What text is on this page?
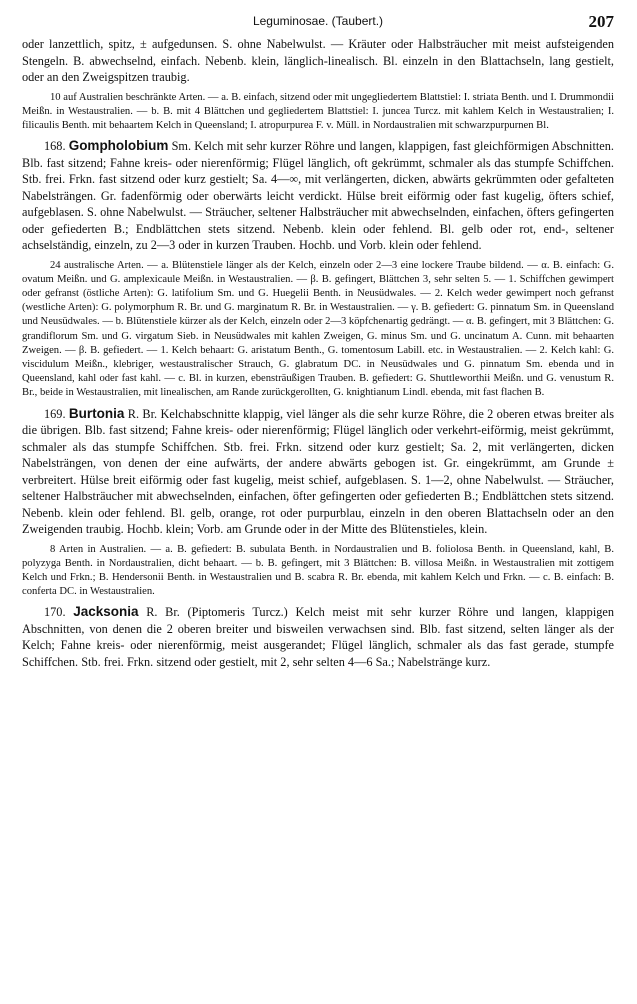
Leguminosae. (Taubert.)	207

oder lanzettlich, spitz, ± aufgedunsen. S. ohne Nabelwulst. — Kräuter oder Halbsträucher mit meist aufsteigenden Stengeln. B. abwechselnd, einfach. Nebenb. klein, länglich-linealisch. Bl. einzeln in den Blattachseln, lang gestielt, oder an den Zweigspitzen traubig.

10 auf Australien beschränkte Arten. — a. B. einfach, sitzend oder mit ungegliedertem Blattstiel: I. striata Benth. und I. Drummondii Meißn. in Westaustralien. — b. B. mit 4 Blättchen und gegliedertem Blattstiel: I. juncea Turcz. mit kahlem Kelch in Westaustralien; I. filicaulis Benth. mit behaartem Kelch in Queensland; I. atropurpurea F. v. Müll. in Nordaustralien mit schwarzpurpurnen Bl.

168. Gompholobium Sm. Kelch mit sehr kurzer Röhre und langen, klappigen, fast gleichförmigen Abschnitten. Blb. fast sitzend; Fahne kreis- oder nierenförmig; Flügel länglich, oft gekrümmt, schmaler als das stumpfe Schiffchen. Stb. frei. Frkn. fast sitzend oder kurz gestielt; Sa. 4—∞, mit verlängerten, dicken, abwärts gekrümmten oder gefalteten Nabelsträngen. Gr. fadenförmig oder oberwärts leicht verdickt. Hülse breit eiförmig oder fast kugelig, öfters schief, aufgeblasen. S. ohne Nabelwulst. — Sträucher, seltener Halbsträucher mit abwechselnden, einfachen, öfters gefingerten oder gefiederten B.; Endblättchen stets sitzend. Nebenb. klein oder fehlend. Bl. gelb oder rot, end-, seltener achselständig, einzeln, zu 2—3 oder in kurzen Trauben. Hochb. und Vorb. klein oder fehlend.

24 australische Arten. — a. Blütenstiele länger als der Kelch, einzeln oder 2—3 eine lockere Traube bildend. — α. B. einfach: G. ovatum Meißn. und G. amplexicaule Meißn. in Westaustralien. — β. B. gefingert, Blättchen 3, sehr selten 5. — 1. Schiffchen gewimpert oder gefranst (östliche Arten): G. latifolium Sm. und G. Huegelii Benth. in Neusüdwales. — 2. Kelch weder gewimpert noch gefranst (westliche Arten): G. polymorphum R. Br. und G. marginatum R. Br. in Westaustralien. — γ. B. gefiedert: G. pinnatum Sm. in Queensland und Neusüdwales. — b. Blütenstiele kürzer als der Kelch, einzeln oder 2—3 köpfchenartig gedrängt. — α. B. gefingert, mit 3 Blättchen: G. grandiflorum Sm. und G. virgatum Sieb. in Neusüdwales mit kahlen Zweigen, G. minus Sm. und G. uncinatum A. Cunn. mit behaarten Zweigen. — β. B. gefiedert. — 1. Kelch behaart: G. aristatum Benth., G. tomentosum Labill. etc. in Westaustralien. — 2. Kelch kahl: G. viscidulum Meißn., klebriger, westaustralischer Strauch, G. glabratum DC. in Neusüdwales und G. pinnatum Sm. ebenda und in Queensland, kahl oder fast kahl. — c. Bl. in kurzen, ebensträußigen Trauben. B. gefiedert: G. Shuttleworthii Meißn. und G. venustum R. Br., beide in Westaustralien, mit linealischen, am Rande zurückgerollten, G. knightianum Lindl. ebenda, mit fast flachen B.

169. Burtonia R. Br. Kelchabschnitte klappig, viel länger als die sehr kurze Röhre, die 2 oberen etwas breiter als die übrigen. Blb. fast sitzend; Fahne kreis- oder nierenförmig; Flügel länglich oder verkehrt-eiförmig, meist gekrümmt, schmaler als das stumpfe Schiffchen. Stb. frei. Frkn. sitzend oder kurz gestielt; Sa. 2, mit verlängerten, dicken Nabelsträngen, von denen der eine aufwärts, der andere abwärts gebogen ist. Gr. eingekrümmt, am Grunde ± verbreitert. Hülse breit eiförmig oder fast kugelig, meist schief, aufgeblasen. S. 1—2, ohne Nabelwulst. — Sträucher, seltener Halbsträucher mit abwechselnden, einfachen, öfter gefingerten oder gefiederten B.; Endblättchen stets sitzend. Nebenb. klein oder fehlend. Bl. gelb, orange, rot oder purpurblau, einzeln in den oberen Blattachseln oder an den Zweigenden traubig. Hochb. klein; Vorb. am Grunde oder in der Mitte des Blütenstieles, klein.

8 Arten in Australien. — a. B. gefiedert: B. subulata Benth. in Nordaustralien und B. foliolosa Benth. in Queensland, kahl, B. polyzyga Benth. in Nordaustralien, dicht behaart. — b. B. gefingert, mit 3 Blättchen: B. villosa Meißn. in Westaustralien mit zottigem Kelch und Frkn.; B. Hendersonii Benth. in Westaustralien und B. scabra R. Br. ebenda, mit kahlem Kelch und Frkn. — c. B. einfach: B. conferta DC. in Westaustralien.

170. Jacksonia R. Br. (Piptomeris Turcz.) Kelch meist mit sehr kurzer Röhre und langen, klappigen Abschnitten, von denen die 2 oberen breiter und bisweilen verwachsen sind. Blb. fast sitzend, selten länger als der Kelch; Fahne kreis- oder nierenförmig, meist ausgerandet; Flügel länglich, schmaler als das fast gerade, stumpfe Schiffchen. Stb. frei. Frkn. sitzend oder gestielt, mit 2, sehr selten 4—6 Sa.; Nabelstränge kurz.
